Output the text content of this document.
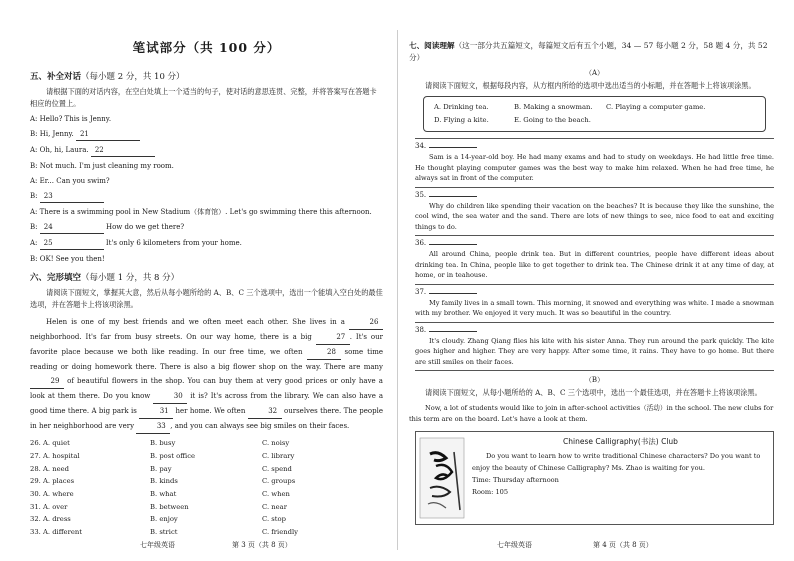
笔试部分（共 100 分）
五、补全对话（每小题 2 分，共 10 分）

请根据下面的对话内容，在空白处填上一个适当的句子，使对话的意思连贯、完整，并将答案写在答题卡相应的位置上。

A: Hello? This is Jenny.
B: Hi, Jenny. 21
A: Oh, hi, Laura. 22
B: Not much. I'm just cleaning my room.
A: Er... Can you swim?
B: 23
A: There is a swimming pool in New Stadium（体育馆）. Let's go swimming there this afternoon.
B: 24	How do we get there?
A: 25	It's only 6 kilometers from your home.
B: OK! See you then!
六、完形填空（每小题 1 分，共 8 分）

请阅读下面短文，掌握其大意，然后从每小题所给的 A、B、C 三个选项中，选出一个能填入空白处的最佳选项，并在答题卡上将该项涂黑。

Helen is one of my best friends and we often meet each other. She lives in a	26 neighborhood. It's far from busy streets. On our way home, there is a big	27 . It's our favorite place because we both like reading. In our free time, we often	28 some time reading or doing homework there. There is also a big flower shop on the way. There are many 29 of beautiful flowers in the shop. You can buy them at very good prices or only have a look at them there. Do you know	30 it is? It's across from the library. We can also have a good time there. A big park is	31 her home. We often	32 ourselves there. The people in her neighborhood are very	33 , and you can always see big smiles on their faces.

26. A. quiet	B. busy	C. noisy
27. A. hospital	B. post office	C. library
28. A. need	B. pay	C. spend
29. A. places	B. kinds	C. groups
30. A. where	B. what	C. when
31. A. over	B. between	C. near
32. A. dress	B. enjoy	C. stop
33. A. different	B. strict	C. friendly
七年级英语	第 3 页（共 8 页）
七、阅读理解（这一部分共五篇短文，每篇短文后有五个小题，34 — 57 每小题 2 分，58 题 4 分，共 52 分）
（A）

请阅读下面短文，根据每段内容，从方框内所给的选项中选出适当的小标题，并在答题卡上将该项涂黑。

A. Drinking tea.	B. Making a snowman.	C. Playing a computer game.
D. Flying a kite.	E. Going to the beach.
34.

Sam is a 14-year-old boy. He had many exams and had to study on weekdays. He had little free time. He thought playing computer games was the best way to make him relaxed. When he had free time, he always sat in front of the computer.

35.

Why do children like spending their vacation on the beaches? It is because they like the sunshine, the cool wind, the sea water and the sand. There are lots of new things to see, nice food to eat and exciting things to do.

36.

All around China, people drink tea. But in different countries, people have different ideas about drinking tea. In China, people like to get together to drink tea. The Chinese drink it at any time of day, at home, or in teahouse.

37.

My family lives in a small town. This morning, it snowed and everything was white. I made a snowman with my brother. We enjoyed it very much. It was so beautiful in the country.

38.

It's cloudy. Zhang Qiang flies his kite with his sister Anna. They run around the park quickly. The kite goes higher and higher. They are very happy. After some time, it rains. They have to go home. But there are still smiles on their faces.

（B）

请阅读下面短文，从每小题所给的 A、B、C 三个选项中，选出一个最佳选项，并在答题卡上将该项涂黑。

Now, a lot of students would like to join in after-school activities（活动）in the school. The new clubs for this term are on the board. Let's have a look at them.

Chinese Calligraphy(书法) Club
Do you want to learn how to write traditional Chinese characters? Do you want to enjoy the beauty of Chinese Calligraphy? Ms. Zhao is waiting for you.
Time: Thursday afternoon
Room: 105
七年级英语	第 4 页（共 8 页）
